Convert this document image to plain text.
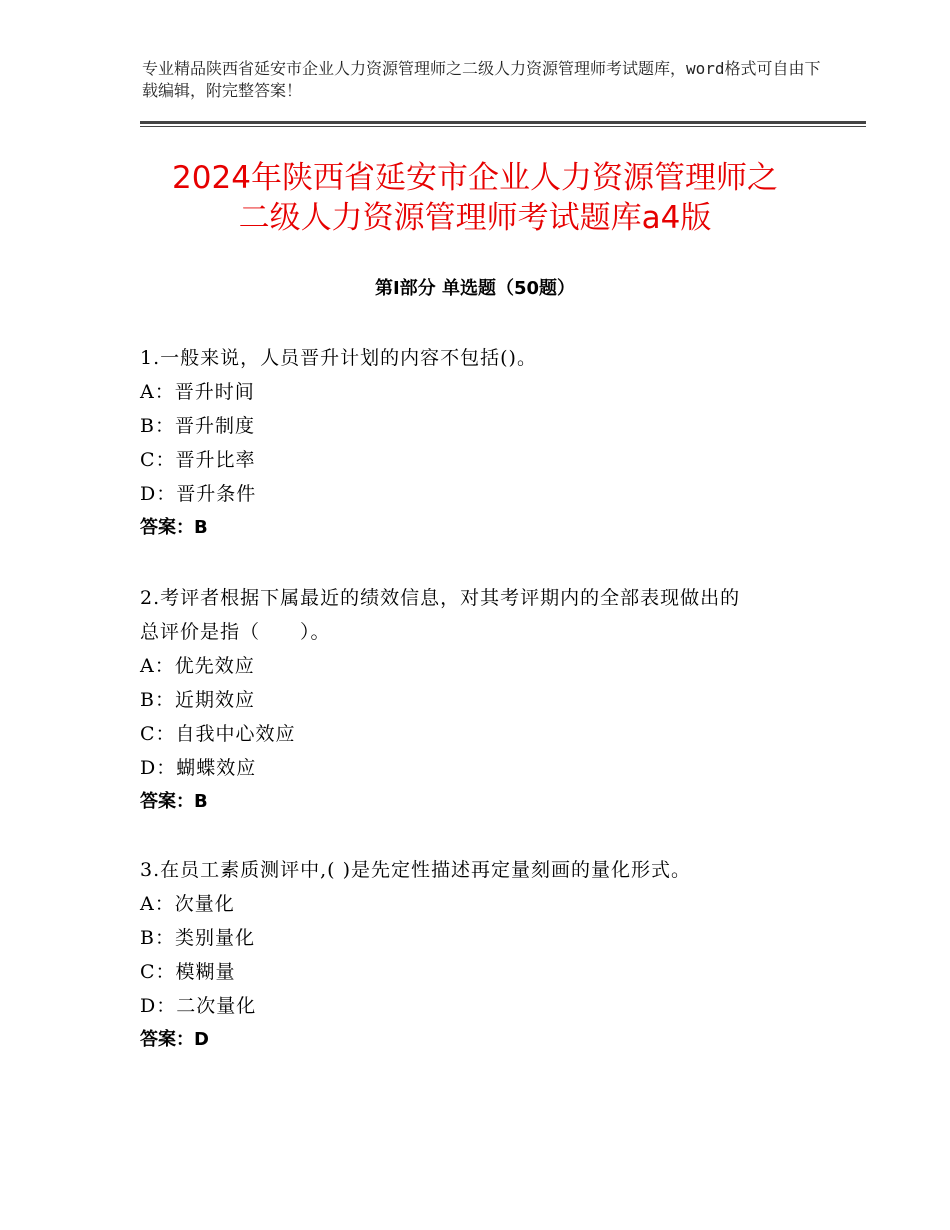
专业精品陕西省延安市企业人力资源管理师之二级人力资源管理师考试题库，word格式可自由下载编辑，附完整答案！
2024年陕西省延安市企业人力资源管理师之
二级人力资源管理师考试题库a4版
第Ⅰ部分 单选题（50题）
1.一般来说，人员晋升计划的内容不包括()。
A：晋升时间
B：晋升制度
C：晋升比率
D：晋升条件
答案：B
2.考评者根据下属最近的绩效信息，对其考评期内的全部表现做出的
总评价是指（　　）。
A：优先效应
B：近期效应
C：自我中心效应
D：蝴蝶效应
答案：B
3.在员工素质测评中,( )是先定性描述再定量刻画的量化形式。
A：次量化
B：类别量化
C：模糊量
D：二次量化
答案：D
